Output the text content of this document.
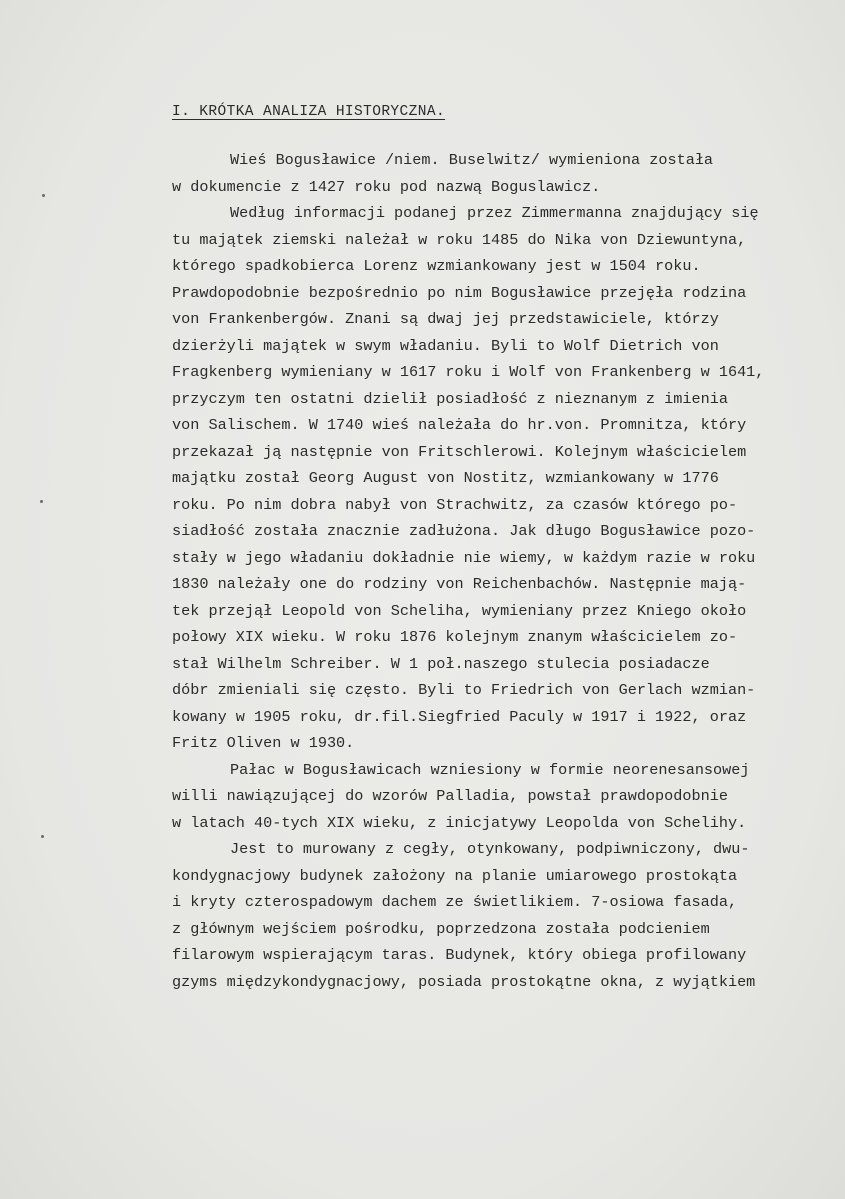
I. KRÓTKA ANALIZA HISTORYCZNA.
Wieś Bogusławice /niem. Buselwitz/ wymieniona została
w dokumencie z 1427 roku pod nazwą Boguslawicz.
Według informacji podanej przez Zimmermanna znajdujący się
tu majątek ziemski należał w roku 1485 do Nika von Dziewuntyna,
którego spadkobierca Lorenz wzmiankowany jest w 1504 roku.
Prawdopodobnie bezpośrednio po nim Bogusławice przejęła rodzina
von Frankenbergów. Znani są dwaj jej przedstawiciele, którzy
dzierżyli majątek w swym władaniu. Byli to Wolf Dietrich von
Fragkenberg wymieniany w 1617 roku i Wolf von Frankenberg w 1641,
przyczym ten ostatni dzielił posiadłość z nieznanym z imienia
von Salischem. W 1740 wieś należała do hr.von. Promnitza, który
przekazał ją następnie von Fritschlerowi. Kolejnym właścicielem
majątku został Georg August von Nostitz, wzmiankowany w 1776
roku. Po nim dobra nabył von Strachwitz, za czasów którego po-
siadłość została znacznie zadłużona. Jak długo Bogusławice pozo-
stały w jego władaniu dokładnie nie wiemy, w każdym razie w roku
1830 należały one do rodziny von Reichenbachów. Następnie mają-
tek przejął Leopold von Scheliha, wymieniany przez Kniego około
połowy XIX wieku. W roku 1876 kolejnym znanym właścicielem zo-
stał Wilhelm Schreiber. W 1 poł.naszego stulecia posiadacze
dóbr zmieniali się często. Byli to Friedrich von Gerlach wzmian-
kowany w 1905 roku, dr.fil.Siegfried Paculy w 1917 i 1922, oraz
Fritz Oliven w 1930.
Pałac w Bogusławicach wzniesiony w formie neorenesansowej
willi nawiązującej do wzorów Palladia, powstał prawdopodobnie
w latach 40-tych XIX wieku, z inicjatywy Leopolda von Schelihy.
Jest to murowany z cegły, otynkowany, podpiwniczony, dwu-
kondygnacjowy budynek założony na planie umiarowego prostokąta
i kryty czterospadowym dachem ze świetlikiem. 7-osiowa fasada,
z głównym wejściem pośrodku, poprzedzona została podcieniem
filarowym wspierającym taras. Budynek, który obiega profilowany
gzyms międzykondygnacjowy, posiada prostokątne okna, z wyjątkiem
